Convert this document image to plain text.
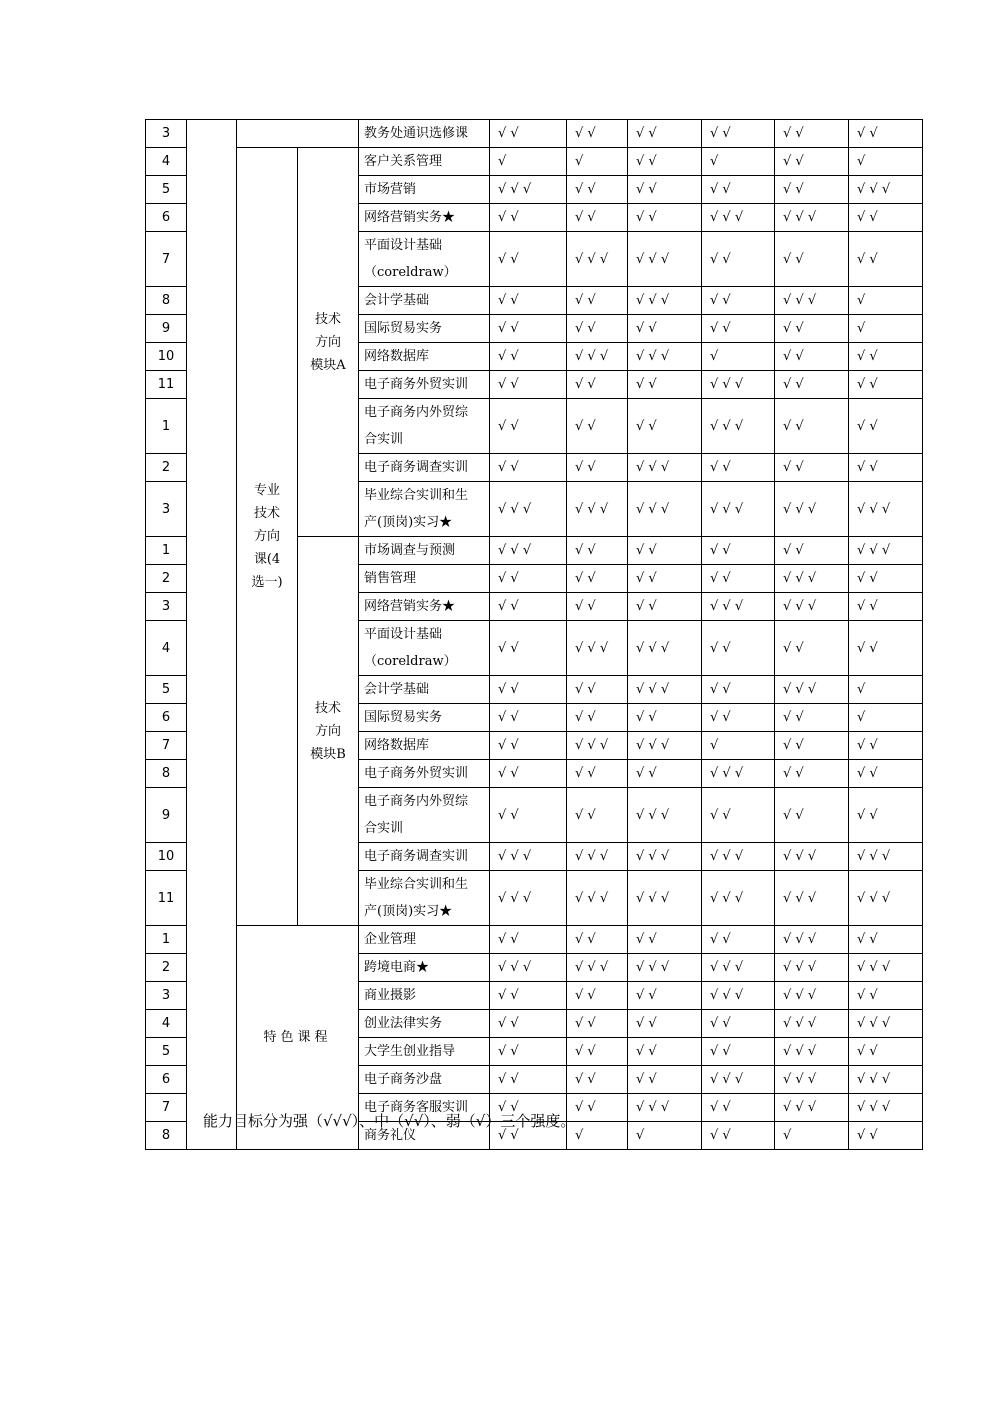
3				教务处通识选修课	√ √	√ √	√ √	√ √	√ √	√ √
4		专业
技术
方向
课(4
选一)	技术
方向
模块A	客户关系管理	√	√	√ √	√	√ √	√
5				市场营销	√ √ √	√ √	√ √	√ √	√ √	√ √ √
6				网络营销实务★	√ √	√ √	√ √	√ √ √	√ √ √	√ √
7				平面设计基础
（coreldraw）	√ √	√ √ √	√ √ √	√ √	√ √	√ √
8				会计学基础	√ √	√ √	√ √ √	√ √	√ √ √	√
9				国际贸易实务	√ √	√ √	√ √	√ √	√ √	√
10				网络数据库	√ √	√ √ √	√ √ √	√	√ √	√ √
11				电子商务外贸实训	√ √	√ √	√ √	√ √ √	√ √	√ √
1				电子商务内外贸综
合实训	√ √	√ √	√ √	√ √ √	√ √	√ √
2				电子商务调查实训	√ √	√ √	√ √ √	√ √	√ √	√ √
3				毕业综合实训和生
产(顶岗)实习★	√ √ √	√ √ √	√ √ √	√ √ √	√ √ √	√ √ √
1			技术
方向
模块B	市场调查与预测	√ √ √	√ √	√ √	√ √	√ √	√ √ √
2				销售管理	√ √	√ √	√ √	√ √	√ √ √	√ √
3				网络营销实务★	√ √	√ √	√ √	√ √ √	√ √ √	√ √
4				平面设计基础
（coreldraw）	√ √	√ √ √	√ √ √	√ √	√ √	√ √
5				会计学基础	√ √	√ √	√ √ √	√ √	√ √ √	√
6				国际贸易实务	√ √	√ √	√ √	√ √	√ √	√
7				网络数据库	√ √	√ √ √	√ √ √	√	√ √	√ √
8				电子商务外贸实训	√ √	√ √	√ √	√ √ √	√ √	√ √
9				电子商务内外贸综
合实训	√ √	√ √	√ √ √	√ √	√ √	√ √
10				电子商务调查实训	√ √ √	√ √ √	√ √ √	√ √ √	√ √ √	√ √ √
11				毕业综合实训和生
产(顶岗)实习★	√ √ √	√ √ √	√ √ √	√ √ √	√ √ √	√ √ √
1		特色课程		企业管理	√ √	√ √	√ √	√ √	√ √ √	√ √
2				跨境电商★	√ √ √	√ √ √	√ √ √	√ √ √	√ √ √	√ √ √
3				商业摄影	√ √	√ √	√ √	√ √ √	√ √ √	√ √
4				创业法律实务	√ √	√ √	√ √	√ √	√ √ √	√ √ √
5				大学生创业指导	√ √	√ √	√ √	√ √	√ √ √	√ √
6				电子商务沙盘	√ √	√ √	√ √	√ √ √	√ √ √	√ √ √
7				电子商务客服实训	√ √	√ √	√ √ √	√ √	√ √ √	√ √ √
8				商务礼仪	√ √	√	√	√ √	√	√ √
能力目标分为强（√√√）、中（√√）、弱（√）三个强度。
